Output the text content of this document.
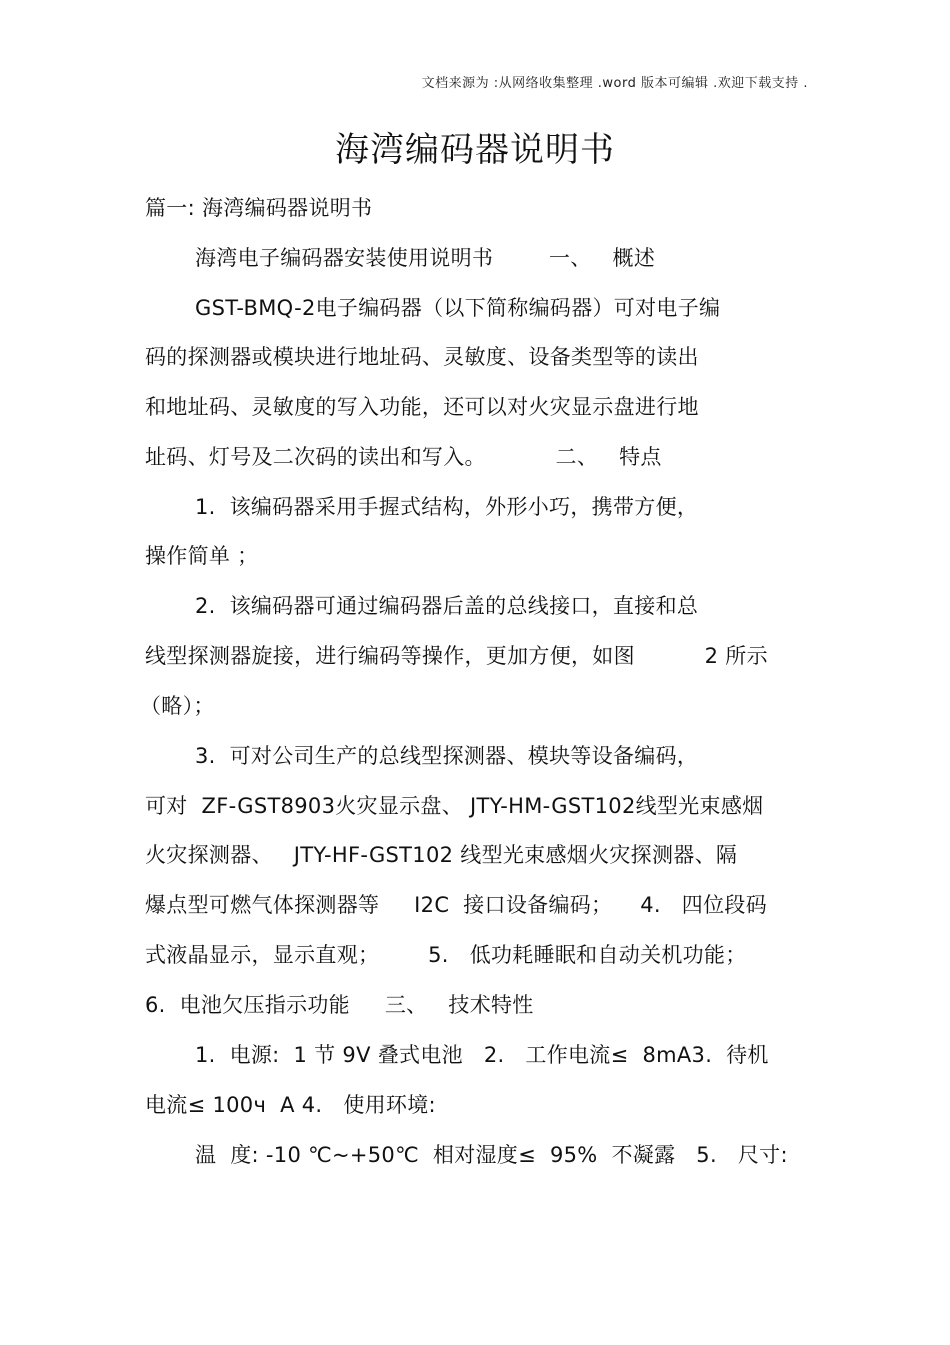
文档来源为 :从网络收集整理 .word 版本可编辑 .欢迎下载支持 .
海湾编码器说明书
篇一: 海湾编码器说明书
海湾电子编码器安装使用说明书        一、   概述
GST-BMQ-2电子编码器（以下简称编码器）可对电子编
码的探测器或模块进行地址码、灵敏度、设备类型等的读出
和地址码、灵敏度的写入功能，还可以对火灾显示盘进行地
址码、灯号及二次码的读出和写入。          二、   特点
1.  该编码器采用手握式结构，外形小巧，携带方便，
操作简单 ；
2.  该编码器可通过编码器后盖的总线接口，直接和总
线型探测器旋接，进行编码等操作，更加方便，如图          2 所示
（略）；
3.  可对公司生产的总线型探测器、模块等设备编码，
可对  ZF-GST8903火灾显示盘、 JTY-HM-GST102线型光束感烟
火灾探测器、   JTY-HF-GST102 线型光束感烟火灾探测器、隔
爆点型可燃气体探测器等     I2C  接口设备编码；    4.   四位段码
式液晶显示，显示直观；       5.   低功耗睡眠和自动关机功能；
6.  电池欠压指示功能     三、   技术特性
1.  电源:  1 节 9V 叠式电池   2.   工作电流≤  8mA3.  待机
电流≤ 100ч  A 4.   使用环境:
温  度: -10 ℃~+50℃  相对湿度≤  95%  不凝露   5.   尺寸:
